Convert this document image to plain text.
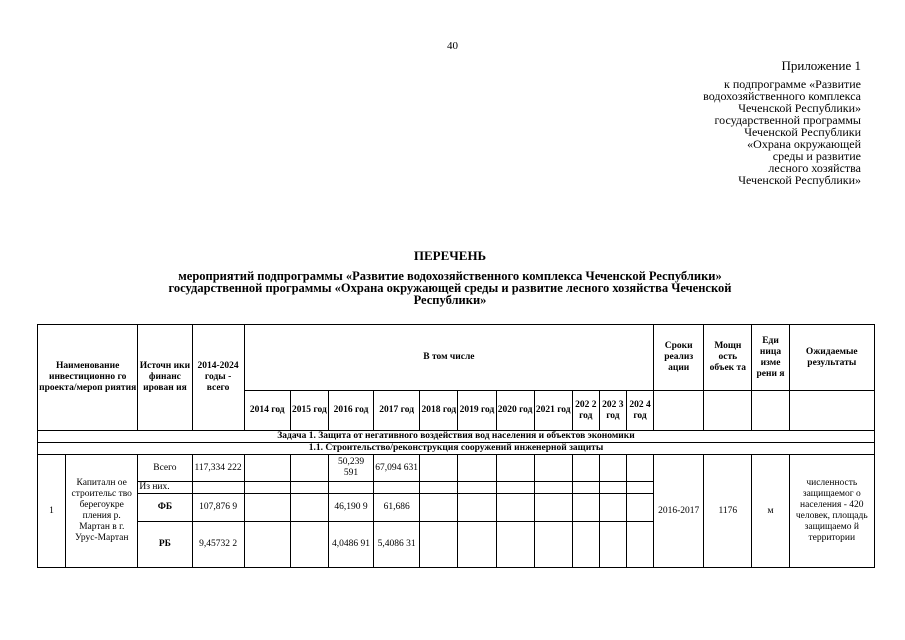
40
Приложение 1
к подпрограмме «Развитие
водохозяйственного комплекса
Чеченской Республики»
государственной программы
Чеченской Республики
«Охрана окружающей
среды и развитие
лесного хозяйства
Чеченской Республики»
ПЕРЕЧЕНЬ
мероприятий подпрограммы «Развитие водохозяйственного комплекса Чеченской Республики»
государственной программы «Охрана окружающей среды и развитие лесного хозяйства Чеченской
Республики»
Наименование инвестиционно го проекта/мероп риятия		Источн ики финанс ирован ия	2014-2024 годы - всего	В том числе											Сроки реализ ации	Мощн ость объек та	Еди ница изме рени я	Ожидаемые результаты
				2014 год	2015 год	2016 год	2017 год	2018 год	2019 год	2020 год	2021 год	202 2 год	202 3 год	202 4 год				
Задача 1. Защита от негативного воздействия вод населения и объектов экономики																		
1.1. Строительство/реконструкция сооружений инженерной защиты																		
1	Капиталн ое строительс тво берегоукре пления р. Мартан в г. Урус-Мартан	Всего	117,334 222			50,239 591	67,094 631								2016-2017	1176	м	численность защищаемог о населения - 420 человек, площадь защищаемо й территории
		Из них.																
		ФБ	107,876 9			46,190 9	61,686											
		РБ	9,45732 2			4,0486 91	5,4086 31											
